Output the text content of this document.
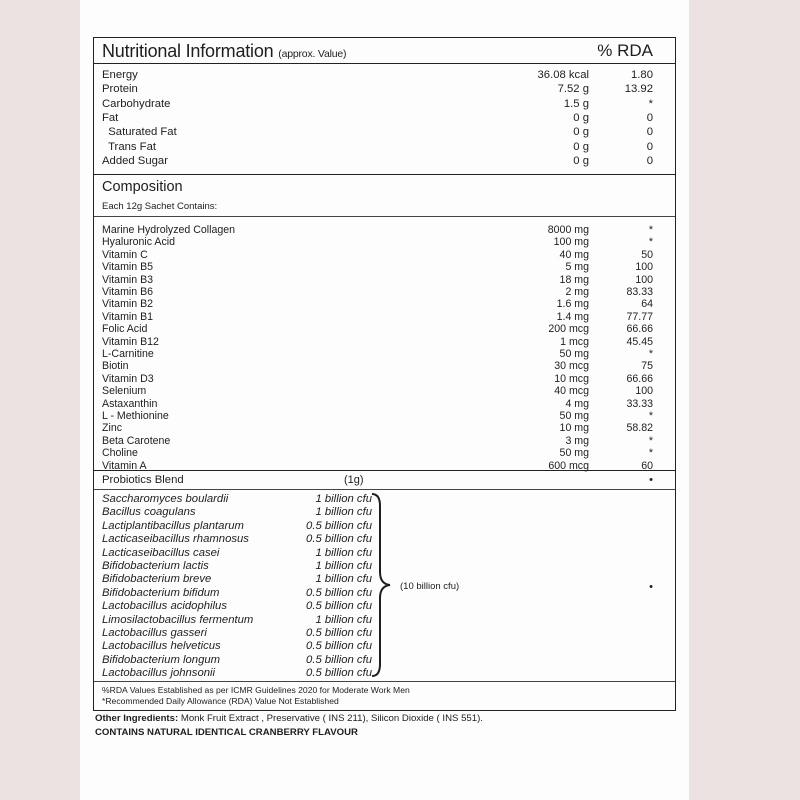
Nutritional Information (approx. Value)	% RDA
Energy	36.08 kcal	1.80
Protein	7.52 g	13.92
Carbohydrate	1.5 g	*
Fat	0 g	0
Saturated Fat	0 g	0
Trans Fat	0 g	0
Added Sugar	0 g	0
Composition
Each 12g Sachet Contains:
Marine Hydrolyzed Collagen	8000 mg	*
Hyaluronic Acid	100 mg	*
Vitamin C	40 mg	50
Vitamin B5	5 mg	100
Vitamin B3	18 mg	100
Vitamin B6	2 mg	83.33
Vitamin B2	1.6 mg	64
Vitamin B1	1.4 mg	77.77
Folic Acid	200 mcg	66.66
Vitamin B12	1 mcg	45.45
L-Carnitine	50 mg	*
Biotin	30 mcg	75
Vitamin D3	10 mcg	66.66
Selenium	40 mcg	100
Astaxanthin	4 mg	33.33
L - Methionine	50 mg	*
Zinc	10 mg	58.82
Beta Carotene	3 mg	*
Choline	50 mg	*
Vitamin A	600 mcg	60
Probiotics Blend	(1g)	•
Saccharomyces boulardii	1 billion cfu
Bacillus coagulans	1 billion cfu
Lactiplantibacillus plantarum	0.5 billion cfu
Lacticaseibacillus rhamnosus	0.5 billion cfu
Lacticaseibacillus casei	1 billion cfu
Bifidobacterium lactis	1 billion cfu
Bifidobacterium breve	1 billion cfu
Bifidobacterium bifidum	0.5 billion cfu
Lactobacillus acidophilus	0.5 billion cfu
Limosilactobacillus fermentum	1 billion cfu
Lactobacillus gasseri	0.5 billion cfu
Lactobacillus helveticus	0.5 billion cfu
Bifidobacterium longum	0.5 billion cfu
Lactobacillus johnsonii	0.5 billion cfu
(10 billion cfu)	•
%RDA Values Established as per ICMR Guidelines 2020 for Moderate Work Men
*Recommended Daily Allowance (RDA) Value Not Established
Other Ingredients: Monk Fruit Extract , Preservative ( INS 211), Silicon Dioxide ( INS 551).
CONTAINS NATURAL IDENTICAL CRANBERRY FLAVOUR
